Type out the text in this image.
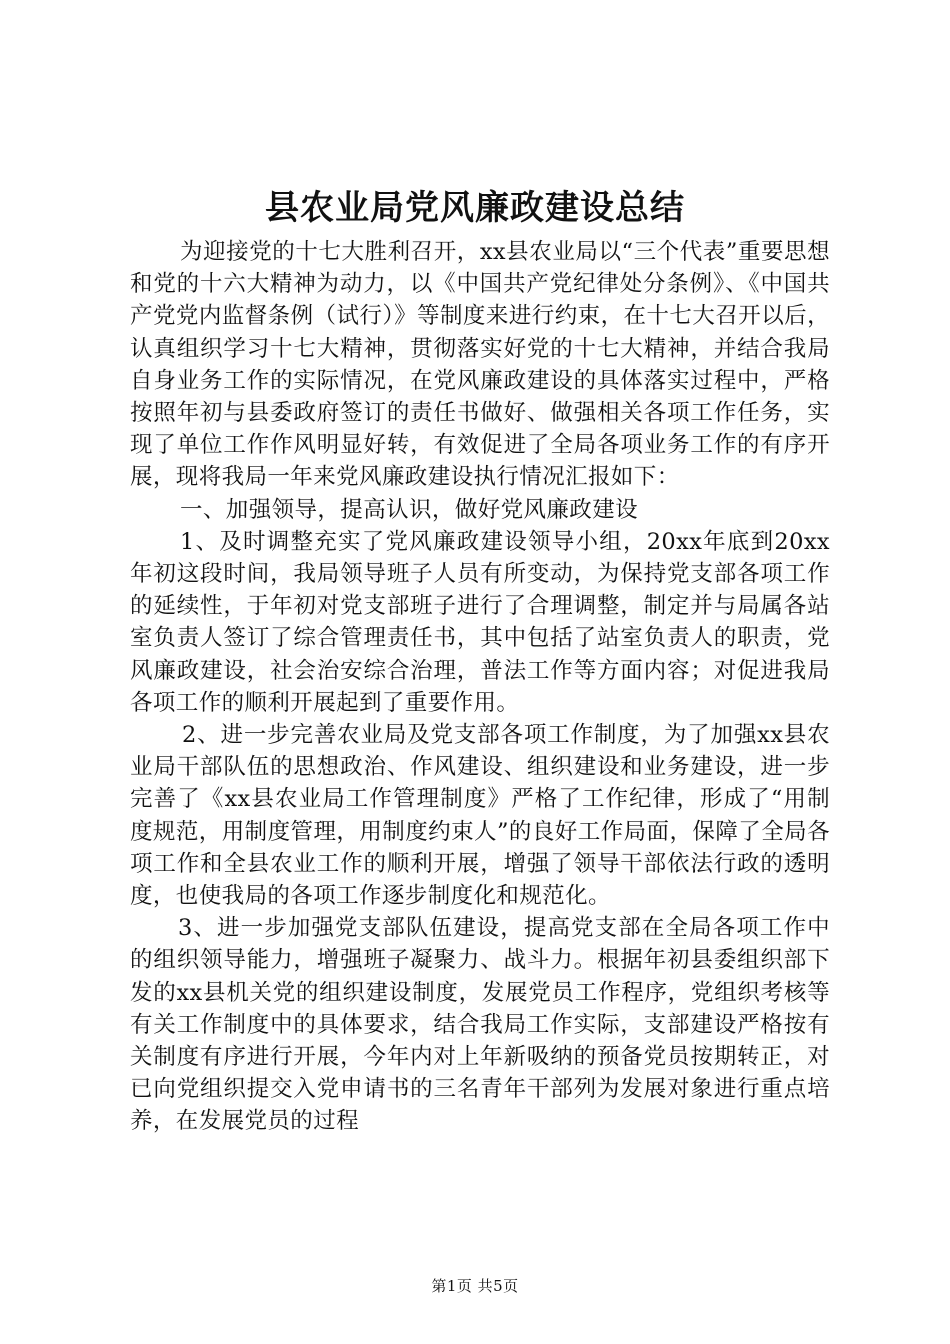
县农业局党风廉政建设总结

为迎接党的十七大胜利召开，xx县农业局以“三个代表”重要思想和党的十六大精神为动力，以《中国共产党纪律处分条例》、《中国共产党党内监督条例（试行）》等制度来进行约束，在十七大召开以后，认真组织学习十七大精神，贯彻落实好党的十七大精神，并结合我局自身业务工作的实际情况，在党风廉政建设的具体落实过程中，严格按照年初与县委政府签订的责任书做好、做强相关各项工作任务，实现了单位工作作风明显好转，有效促进了全局各项业务工作的有序开展，现将我局一年来党风廉政建设执行情况汇报如下：

一、加强领导，提高认识，做好党风廉政建设

1、及时调整充实了党风廉政建设领导小组，20xx年底到20xx年初这段时间，我局领导班子人员有所变动，为保持党支部各项工作的延续性，于年初对党支部班子进行了合理调整，制定并与局属各站室负责人签订了综合管理责任书，其中包括了站室负责人的职责，党风廉政建设，社会治安综合治理，普法工作等方面内容；对促进我局各项工作的顺利开展起到了重要作用。

2、进一步完善农业局及党支部各项工作制度，为了加强xx县农业局干部队伍的思想政治、作风建设、组织建设和业务建设，进一步完善了《xx县农业局工作管理制度》严格了工作纪律，形成了“用制度规范，用制度管理，用制度约束人”的良好工作局面，保障了全局各项工作和全县农业工作的顺利开展，增强了领导干部依法行政的透明度，也使我局的各项工作逐步制度化和规范化。

3、进一步加强党支部队伍建设，提高党支部在全局各项工作中的组织领导能力，增强班子凝聚力、战斗力。根据年初县委组织部下发的xx县机关党的组织建设制度，发展党员工作程序，党组织考核等有关工作制度中的具体要求，结合我局工作实际，支部建设严格按有关制度有序进行开展，今年内对上年新吸纳的预备党员按期转正，对已向党组织提交入党申请书的三名青年干部列为发展对象进行重点培养，在发展党员的过程

第1页 共5页
